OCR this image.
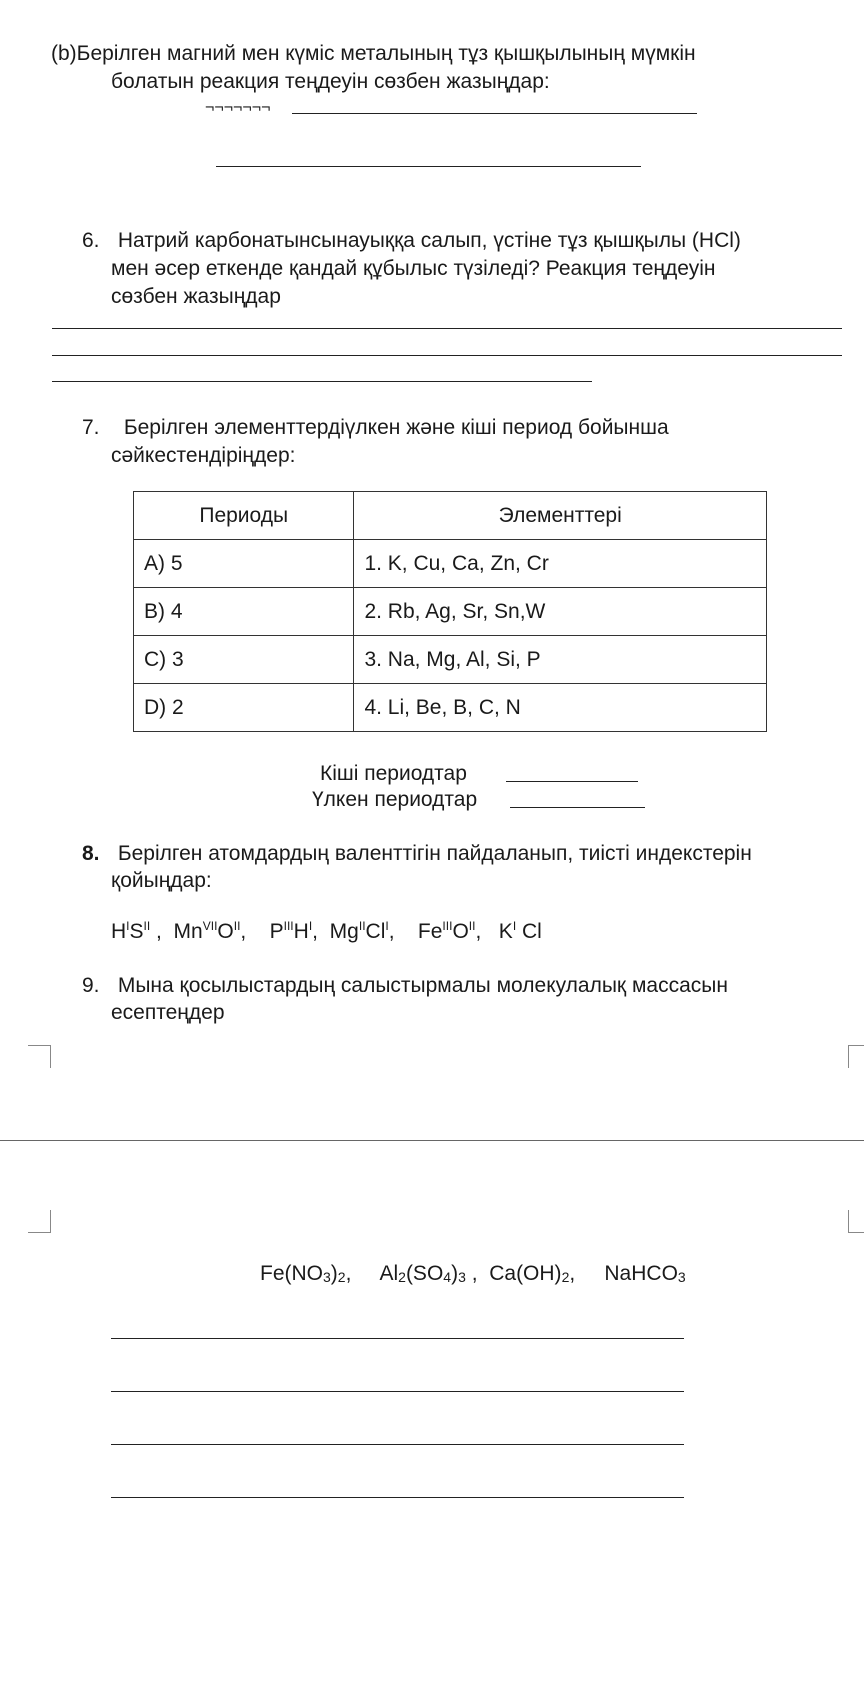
(b)Берілген магний мен күміс металының тұз қышқылының мүмкін
болатын реакция теңдеуін сөзбен жазыңдар:
¬¬¬¬¬¬¬
6. Натрий карбонатынсынауыққа салып, үстіне тұз қышқылы (HCl)
мен әсер еткенде қандай құбылыс түзіледі? Реакция теңдеуін
сөзбен жазыңдар
7. Берілген элементтердіүлкен және кіші период бойынша
сәйкестендіріңдер:
Периоды	Элементтері
А) 5	1. K, Cu, Ca, Zn, Cr
В) 4	2. Rb, Ag, Sr, Sn,W
С) 3	3. Na, Mg, Al, Si, P
D) 2	4. Li, Be, B, C, N
Кіші периодтар
Үлкен периодтар
8. Берілген атомдардың валенттігін пайдаланып, тиісті индекстерін
қойыңдар:
$H^IS^{II}$ ,  $Mn^{VII}O^{II}$,    $P^{III}H^I$,  $Mg^{II}Cl^I$,    $Fe^{III}O^{II}$,   $K^I$ Cl
9. Мына қосылыстардың салыстырмалы молекулалық массасын
есептеңдер
$Fe(NO_3)_2$, $Al_2(SO_4)_3$ , $Ca(OH)_2$, NaHCO$_3$
